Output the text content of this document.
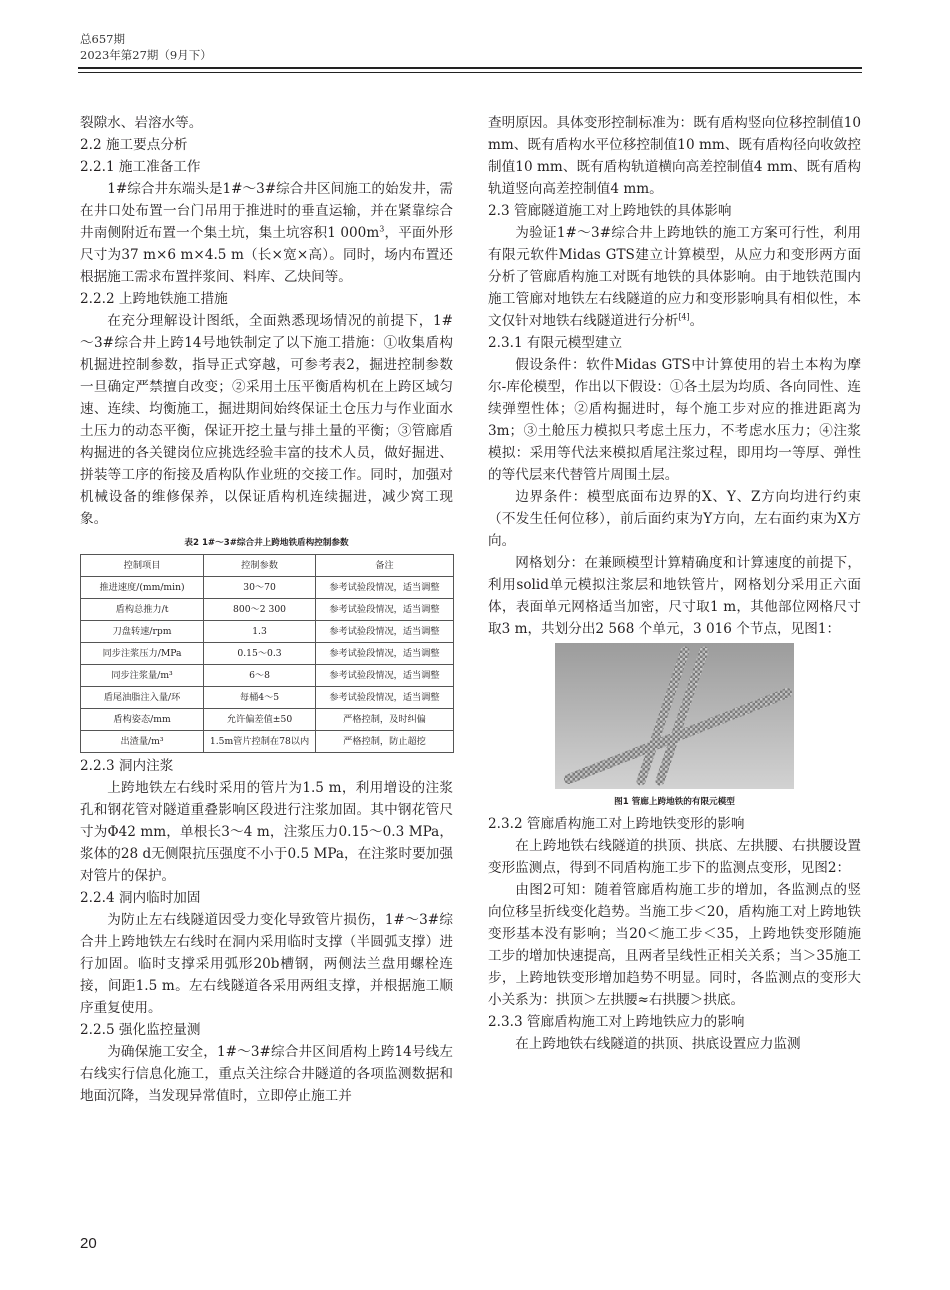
总657期
2023年第27期（9月下）

裂隙水、岩溶水等。

2.2 施工要点分析

2.2.1 施工准备工作

1#综合井东端头是1#～3#综合井区间施工的始发井，需在井口处布置一台门吊用于推进时的垂直运输，并在紧靠综合井南侧附近布置一个集土坑，集土坑容积1 $000m^3$，平面外形尺寸为37 m×6 m×4.5 m（长×宽×高）。同时，场内布置还根据施工需求布置拌浆间、料库、乙炔间等。

2.2.2 上跨地铁施工措施

在充分理解设计图纸，全面熟悉现场情况的前提下，1#～3#综合井上跨14号地铁制定了以下施工措施：①收集盾构机掘进控制参数，指导正式穿越，可参考表2，掘进控制参数一旦确定严禁擅自改变；②采用土压平衡盾构机在上跨区域匀速、连续、均衡施工，掘进期间始终保证土仓压力与作业面水土压力的动态平衡，保证开挖土量与排土量的平衡；③管廊盾构掘进的各关键岗位应挑选经验丰富的技术人员，做好掘进、拼装等工序的衔接及盾构队作业班的交接工作。同时，加强对机械设备的维修保养，以保证盾构机连续掘进，减少窝工现象。

表2 1#～3#综合井上跨地铁盾构控制参数
控制项目	控制参数	备注
推进速度/(mm/min)	30～70	参考试验段情况，适当调整
盾构总推力/t	800～2 300	参考试验段情况，适当调整
刀盘转速/rpm	1.3	参考试验段情况，适当调整
同步注浆压力/MPa	0.15～0.3	参考试验段情况，适当调整
同步注浆量/m³	6～8	参考试验段情况，适当调整
盾尾油脂注入量/环	每桶4～5	参考试验段情况，适当调整
盾构姿态/mm	允许偏差值±50	严格控制，及时纠偏
出渣量/m³	1.5m管片控制在78以内	严格控制，防止超挖

2.2.3 洞内注浆

上跨地铁左右线时采用的管片为1.5 m，利用增设的注浆孔和钢花管对隧道重叠影响区段进行注浆加固。其中钢花管尺寸为Φ42 mm，单根长3～4 m，注浆压力0.15～0.3 MPa，浆体的28 d无侧限抗压强度不小于0.5 MPa，在注浆时要加强对管片的保护。

2.2.4 洞内临时加固

为防止左右线隧道因受力变化导致管片损伤，1#～3#综合井上跨地铁左右线时在洞内采用临时支撑（半圆弧支撑）进行加固。临时支撑采用弧形20b槽钢，两侧法兰盘用螺栓连接，间距1.5 m。左右线隧道各采用两组支撑，并根据施工顺序重复使用。

2.2.5 强化监控量测

为确保施工安全，1#～3#综合井区间盾构上跨14号线左右线实行信息化施工，重点关注综合井隧道的各项监测数据和地面沉降，当发现异常值时，立即停止施工并

查明原因。具体变形控制标准为：既有盾构竖向位移控制值10 mm、既有盾构水平位移控制值10 mm、既有盾构径向收敛控制值10 mm、既有盾构轨道横向高差控制值4 mm、既有盾构轨道竖向高差控制值4 mm。

2.3 管廊隧道施工对上跨地铁的具体影响

为验证1#～3#综合井上跨地铁的施工方案可行性，利用有限元软件Midas GTS建立计算模型，从应力和变形两方面分析了管廊盾构施工对既有地铁的具体影响。由于地铁范围内施工管廊对地铁左右线隧道的应力和变形影响具有相似性，本文仅针对地铁右线隧道进行分析[4]。

2.3.1 有限元模型建立

假设条件：软件Midas GTS中计算使用的岩土本构为摩尔-库伦模型，作出以下假设：①各土层为均质、各向同性、连续弹塑性体；②盾构掘进时，每个施工步对应的推进距离为3m；③土舱压力模拟只考虑土压力，不考虑水压力；④注浆模拟：采用等代法来模拟盾尾注浆过程，即用均一等厚、弹性的等代层来代替管片周围土层。

边界条件：模型底面布边界的X、Y、Z方向均进行约束（不发生任何位移），前后面约束为Y方向，左右面约束为X方向。

网格划分：在兼顾模型计算精确度和计算速度的前提下，利用solid单元模拟注浆层和地铁管片，网格划分采用正六面体，表面单元网格适当加密，尺寸取1 m，其他部位网格尺寸取3 m，共划分出2 568 个单元，3 016 个节点，见图1：

图1 管廊上跨地铁的有限元模型

2.3.2 管廊盾构施工对上跨地铁变形的影响

在上跨地铁右线隧道的拱顶、拱底、左拱腰、右拱腰设置变形监测点，得到不同盾构施工步下的监测点变形，见图2：

由图2可知：随着管廊盾构施工步的增加，各监测点的竖向位移呈折线变化趋势。当施工步＜20，盾构施工对上跨地铁变形基本没有影响；当20＜施工步＜35，上跨地铁变形随施工步的增加快速提高，且两者呈线性正相关关系；当＞35施工步，上跨地铁变形增加趋势不明显。同时，各监测点的变形大小关系为：拱顶＞左拱腰≈右拱腰＞拱底。

2.3.3 管廊盾构施工对上跨地铁应力的影响

在上跨地铁右线隧道的拱顶、拱底设置应力监测

20
